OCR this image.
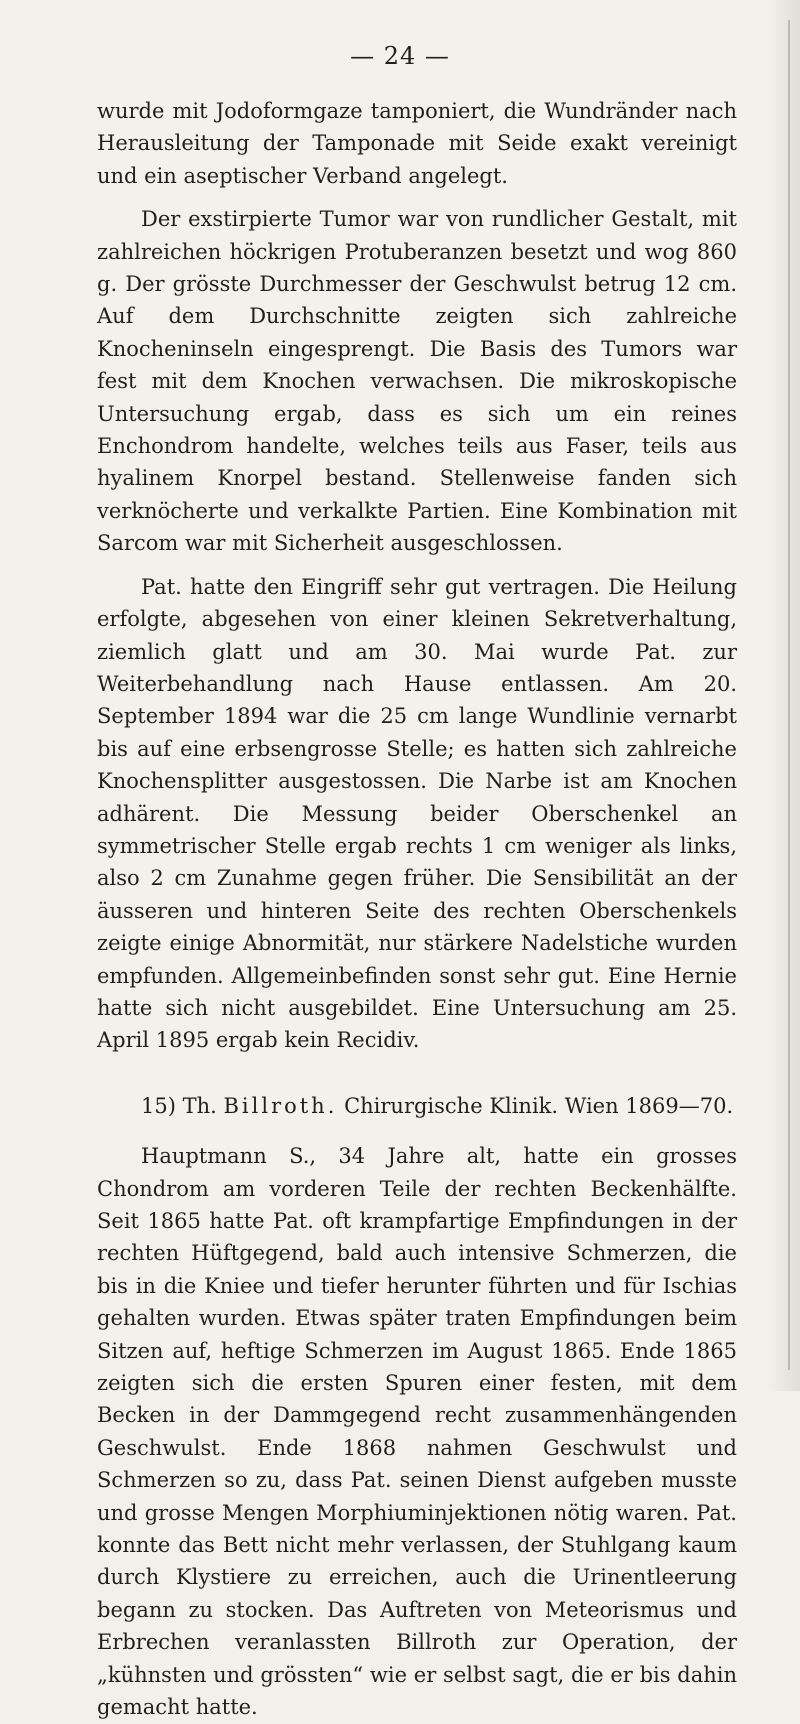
— 24 —

wurde mit Jodoformgaze tamponiert, die Wundränder nach Herausleitung der Tamponade mit Seide exakt vereinigt und ein aseptischer Verband angelegt.

Der exstirpierte Tumor war von rundlicher Gestalt, mit zahlreichen höckrigen Protuberanzen besetzt und wog 860 g. Der grösste Durchmesser der Geschwulst betrug 12 cm. Auf dem Durchschnitte zeigten sich zahlreiche Knocheninseln eingesprengt. Die Basis des Tumors war fest mit dem Knochen verwachsen. Die mikroskopische Untersuchung ergab, dass es sich um ein reines Enchondrom handelte, welches teils aus Faser, teils aus hyalinem Knorpel bestand. Stellenweise fanden sich verknöcherte und verkalkte Partien. Eine Kombination mit Sarcom war mit Sicherheit ausgeschlossen.

Pat. hatte den Eingriff sehr gut vertragen. Die Heilung erfolgte, abgesehen von einer kleinen Sekretverhaltung, ziemlich glatt und am 30. Mai wurde Pat. zur Weiterbehandlung nach Hause entlassen. Am 20. September 1894 war die 25 cm lange Wundlinie vernarbt bis auf eine erbsengrosse Stelle; es hatten sich zahlreiche Knochensplitter ausgestossen. Die Narbe ist am Knochen adhärent. Die Messung beider Oberschenkel an symmetrischer Stelle ergab rechts 1 cm weniger als links, also 2 cm Zunahme gegen früher. Die Sensibilität an der äusseren und hinteren Seite des rechten Oberschenkels zeigte einige Abnormität, nur stärkere Nadelstiche wurden empfunden. Allgemeinbefinden sonst sehr gut. Eine Hernie hatte sich nicht ausgebildet. Eine Untersuchung am 25. April 1895 ergab kein Recidiv.

15) Th. Billroth. Chirurgische Klinik. Wien 1869—70.

Hauptmann S., 34 Jahre alt, hatte ein grosses Chondrom am vorderen Teile der rechten Beckenhälfte. Seit 1865 hatte Pat. oft krampfartige Empfindungen in der rechten Hüftgegend, bald auch intensive Schmerzen, die bis in die Kniee und tiefer herunter führten und für Ischias gehalten wurden. Etwas später traten Empfindungen beim Sitzen auf, heftige Schmerzen im August 1865. Ende 1865 zeigten sich die ersten Spuren einer festen, mit dem Becken in der Dammgegend recht zusammenhängenden Geschwulst. Ende 1868 nahmen Geschwulst und Schmerzen so zu, dass Pat. seinen Dienst aufgeben musste und grosse Mengen Morphiuminjektionen nötig waren. Pat. konnte das Bett nicht mehr verlassen, der Stuhlgang kaum durch Klystiere zu erreichen, auch die Urinentleerung begann zu stocken. Das Auftreten von Meteorismus und Erbrechen veranlassten Billroth zur Operation, der „kühnsten und grössten“ wie er selbst sagt, die er bis dahin gemacht hatte.
